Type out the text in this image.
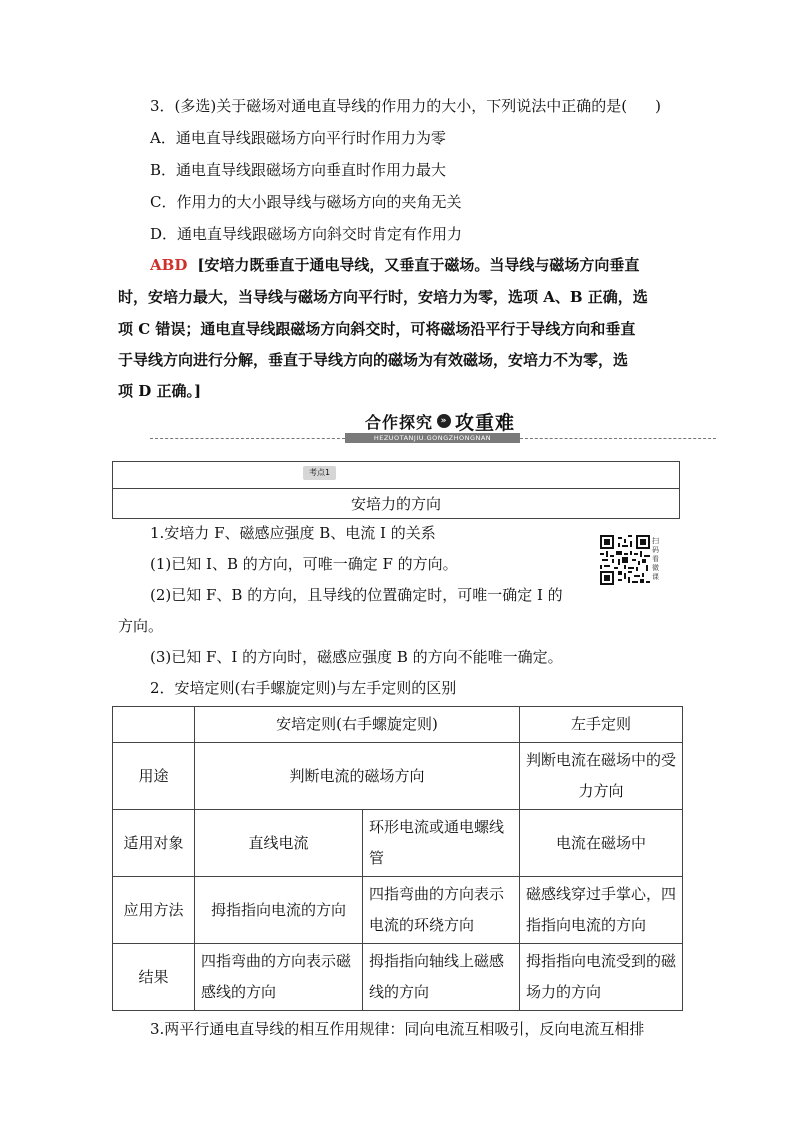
3．(多选)关于磁场对通电直导线的作用力的大小，下列说法中正确的是( )
A．通电直导线跟磁场方向平行时作用力为零
B．通电直导线跟磁场方向垂直时作用力最大
C．作用力的大小跟导线与磁场方向的夹角无关
D．通电直导线跟磁场方向斜交时肯定有作用力
ABD [安培力既垂直于通电导线，又垂直于磁场。当导线与磁场方向垂直
时，安培力最大，当导线与磁场方向平行时，安培力为零，选项 A、B 正确，选
项 C 错误；通电直导线跟磁场方向斜交时，可将磁场沿平行于导线方向和垂直
于导线方向进行分解，垂直于导线方向的磁场为有效磁场，安培力不为零，选
项 D 正确。]
合作探究 » 攻重难
HEZUOTANJIU.GONGZHONGNAN
考点1
安培力的方向
1.安培力 F、磁感应强度 B、电流 I 的关系
(1)已知 I、B 的方向，可唯一确定 F 的方向。
(2)已知 F、B 的方向，且导线的位置确定时，可唯一确定 I 的
方向。
(3)已知 F、I 的方向时，磁感应强度 B 的方向不能唯一确定。
2．安培定则(右手螺旋定则)与左手定则的区别
扫码看微课
	安培定则(右手螺旋定则)		左手定则
用途	判断电流的磁场方向		判断电流在磁场中的受力方向
适用对象	直线电流	环形电流或通电螺线管	电流在磁场中
应用方法	拇指指向电流的方向	四指弯曲的方向表示电流的环绕方向	磁感线穿过手掌心，四指指向电流的方向
结果	四指弯曲的方向表示磁感线的方向	拇指指向轴线上磁感线的方向	拇指指向电流受到的磁场力的方向
3.两平行通电直导线的相互作用规律：同向电流互相吸引，反向电流互相排
